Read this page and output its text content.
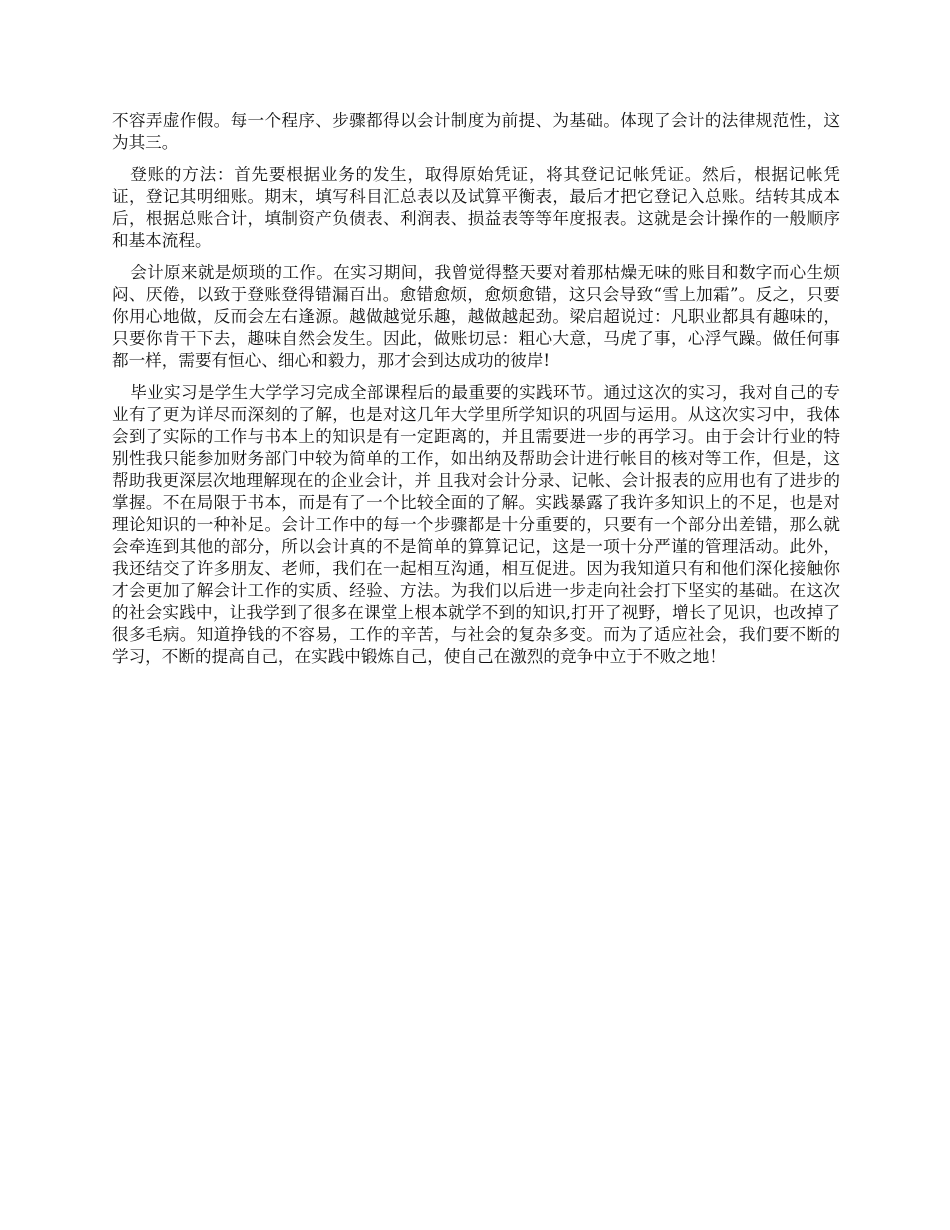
不容弄虚作假。每一个程序、步骤都得以会计制度为前提、为基础。体现了会计的法律规范性，这为其三。

登账的方法：首先要根据业务的发生，取得原始凭证，将其登记记帐凭证。然后，根据记帐凭证，登记其明细账。期末，填写科目汇总表以及试算平衡表，最后才把它登记入总账。结转其成本后，根据总账合计，填制资产负债表、利润表、损益表等等年度报表。这就是会计操作的一般顺序和基本流程。

会计原来就是烦琐的工作。在实习期间，我曾觉得整天要对着那枯燥无味的账目和数字而心生烦闷、厌倦，以致于登账登得错漏百出。愈错愈烦，愈烦愈错，这只会导致“雪上加霜”。反之，只要你用心地做，反而会左右逢源。越做越觉乐趣，越做越起劲。梁启超说过：凡职业都具有趣味的，只要你肯干下去，趣味自然会发生。因此，做账切忌：粗心大意，马虎了事，心浮气躁。做任何事都一样，需要有恒心、细心和毅力，那才会到达成功的彼岸!

毕业实习是学生大学学习完成全部课程后的最重要的实践环节。通过这次的实习，我对自己的专业有了更为详尽而深刻的了解，也是对这几年大学里所学知识的巩固与运用。从这次实习中，我体会到了实际的工作与书本上的知识是有一定距离的，并且需要进一步的再学习。由于会计行业的特别性我只能参加财务部门中较为简单的工作，如出纳及帮助会计进行帐目的核对等工作，但是，这帮助我更深层次地理解现在的企业会计，并 且我对会计分录、记帐、会计报表的应用也有了进步的掌握。不在局限于书本，而是有了一个比较全面的了解。实践暴露了我许多知识上的不足，也是对理论知识的一种补足。会计工作中的每一个步骤都是十分重要的，只要有一个部分出差错，那么就会牵连到其他的部分，所以会计真的不是简单的算算记记，这是一项十分严谨的管理活动。此外，我还结交了许多朋友、老师，我们在一起相互沟通，相互促进。因为我知道只有和他们深化接触你才会更加了解会计工作的实质、经验、方法。为我们以后进一步走向社会打下坚实的基础。在这次的社会实践中，让我学到了很多在课堂上根本就学不到的知识,打开了视野，增长了见识，也改掉了很多毛病。知道挣钱的不容易，工作的辛苦，与社会的复杂多变。而为了适应社会，我们要不断的学习，不断的提高自己，在实践中锻炼自己，使自己在激烈的竞争中立于不败之地！
